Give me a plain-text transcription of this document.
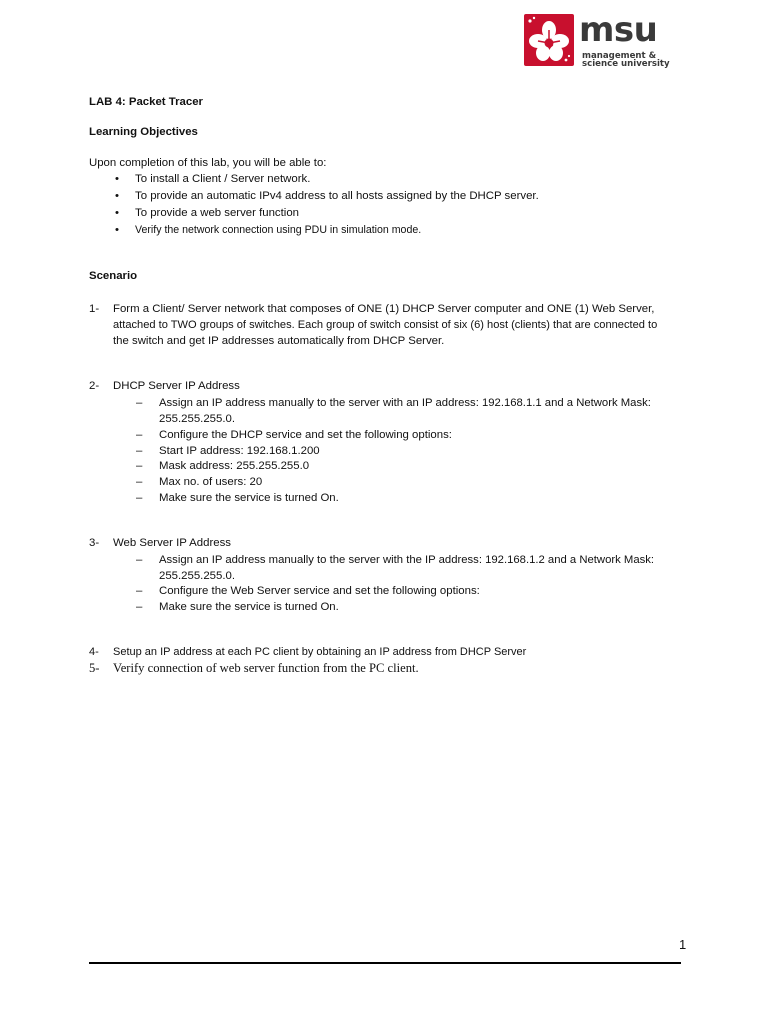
msu
management &
science university
LAB 4: Packet Tracer
Learning Objectives
Upon completion of this lab, you will be able to:
• To install a Client / Server network.
• To provide an automatic IPv4 address to all hosts assigned by the DHCP server.
• To provide a web server function
• Verify the network connection using PDU in simulation mode.
Scenario
1- Form a Client/ Server network that composes of ONE (1) DHCP Server computer and ONE (1) Web Server,
attached to TWO groups of switches. Each group of switch consist of six (6) host (clients) that are connected to
the switch and get IP addresses automatically from DHCP Server.
2- DHCP Server IP Address
– Assign an IP address manually to the server with an IP address: 192.168.1.1 and a Network Mask:
255.255.255.0.
– Configure the DHCP service and set the following options:
– Start IP address: 192.168.1.200
– Mask address: 255.255.255.0
– Max no. of users: 20
– Make sure the service is turned On.
3- Web Server IP Address
– Assign an IP address manually to the server with the IP address: 192.168.1.2 and a Network Mask:
255.255.255.0.
– Configure the Web Server service and set the following options:
– Make sure the service is turned On.
4- Setup an IP address at each PC client by obtaining an IP address from DHCP Server
5- Verify connection of web server function from the PC client.
1
